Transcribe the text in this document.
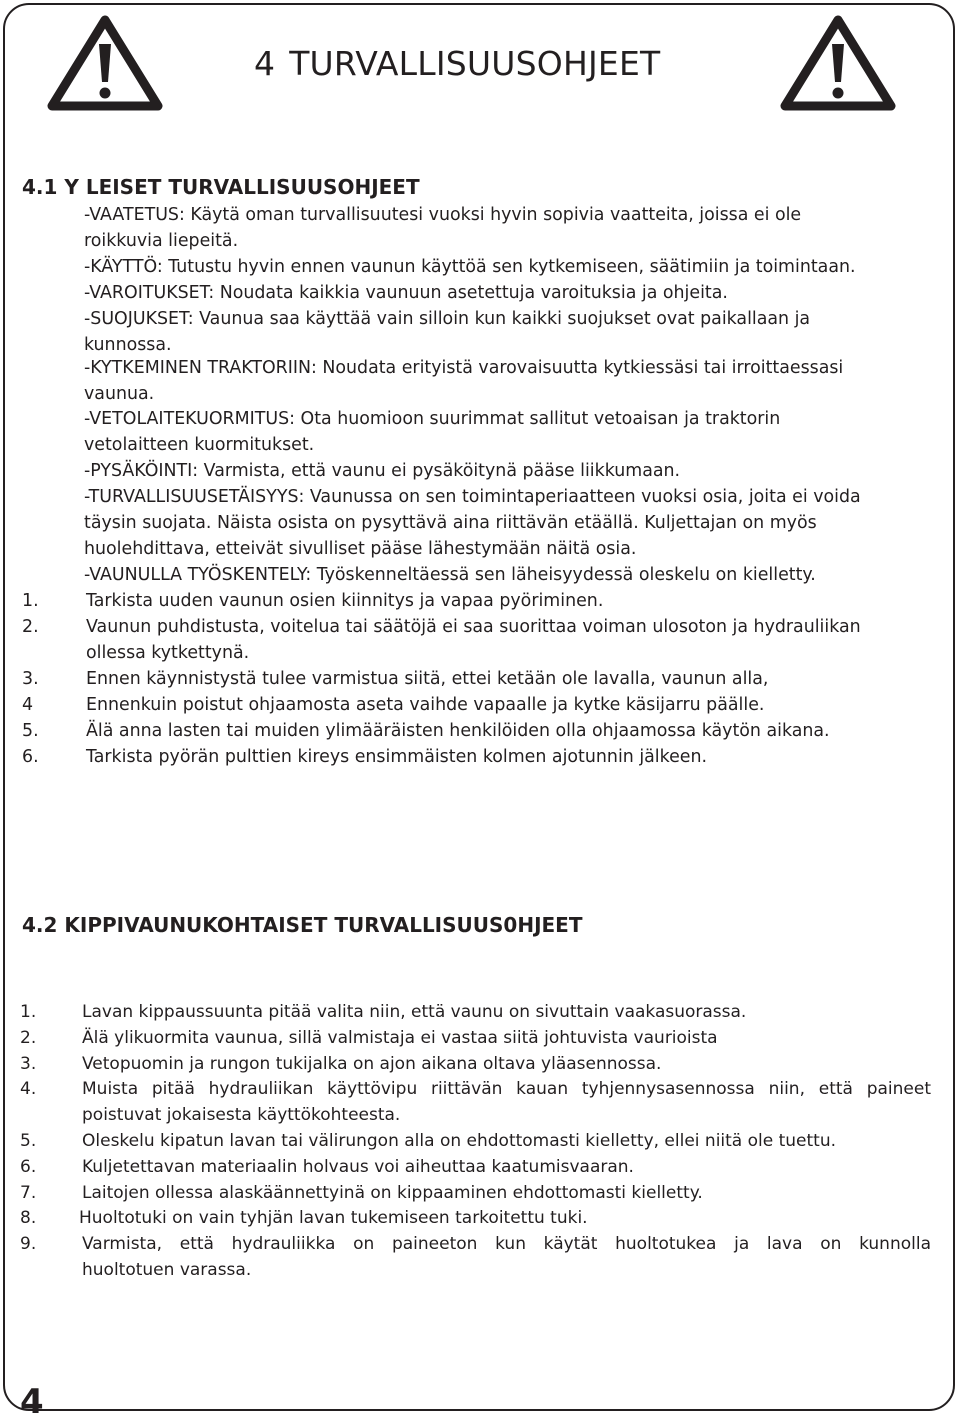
4 TURVALLISUUSOHJEET
4.1 Y LEISET TURVALLISUUSOHJEET
-VAATETUS: Käytä oman turvallisuutesi vuoksi hyvin sopivia vaatteita, joissa ei ole
roikkuvia liepeitä.
-KÄYTTÖ: Tutustu hyvin ennen vaunun käyttöä sen kytkemiseen, säätimiin ja toimintaan.
-VAROITUKSET: Noudata kaikkia vaunuun asetettuja varoituksia ja ohjeita.
-SUOJUKSET: Vaunua saa käyttää vain silloin kun kaikki suojukset ovat paikallaan ja
kunnossa.
-KYTKEMINEN TRAKTORIIN: Noudata erityistä varovaisuutta kytkiessäsi tai irroittaessasi
vaunua.
-VETOLAITEKUORMITUS: Ota huomioon suurimmat sallitut vetoaisan ja traktorin
vetolaitteen kuormitukset.
-PYSÄKÖINTI: Varmista, että vaunu ei pysäköitynä pääse liikkumaan.
-TURVALLISUUSETÄISYYS: Vaunussa on sen toimintaperiaatteen vuoksi osia, joita ei voida
täysin suojata. Näista osista on pysyttävä aina riittävän etäällä. Kuljettajan on myös
huolehdittava, etteivät sivulliset pääse lähestymään näitä osia.
-VAUNULLA TYÖSKENTELY: Työskenneltäessä sen läheisyydessä oleskelu on kielletty.
1.	Tarkista uuden vaunun osien kiinnitys ja vapaa pyöriminen.
2.	Vaunun puhdistusta, voitelua tai säätöjä ei saa suorittaa voiman ulosoton ja hydrauliikan
ollessa kytkettynä.
3.	Ennen käynnistystä tulee varmistua siitä, ettei ketään ole lavalla, vaunun alla,
4	Ennenkuin poistut ohjaamosta aseta vaihde vapaalle ja kytke käsijarru päälle.
5.	Älä anna lasten tai muiden ylimääräisten henkilöiden olla ohjaamossa käytön aikana.
6.	Tarkista pyörän pulttien kireys ensimmäisten kolmen ajotunnin jälkeen.
4.2 KIPPIVAUNUKOHTAISET TURVALLISUUS0HJEET
1.	Lavan kippaussuunta pitää valita niin, että vaunu on sivuttain vaakasuorassa.
2.	Älä ylikuormita vaunua, sillä valmistaja ei vastaa siitä johtuvista vaurioista
3.	Vetopuomin ja rungon tukijalka on ajon aikana oltava yläasennossa.
4.	Muista pitää hydrauliikan käyttövipu riittävän kauan tyhjennysasennossa niin, että paineet
poistuvat jokaisesta käyttökohteesta.
5.	Oleskelu kipatun lavan tai välirungon alla on ehdottomasti kielletty, ellei niitä ole tuettu.
6.	Kuljetettavan materiaalin holvaus voi aiheuttaa kaatumisvaaran.
7.	Laitojen ollessa alaskäännettyinä on kippaaminen ehdottomasti kielletty.
8.	Huoltotuki on vain tyhjän lavan tukemiseen tarkoitettu tuki.
9.	Varmista, että hydrauliikka on paineeton kun käytät huoltotukea ja lava on kunnolla
huoltotuen varassa.
4
